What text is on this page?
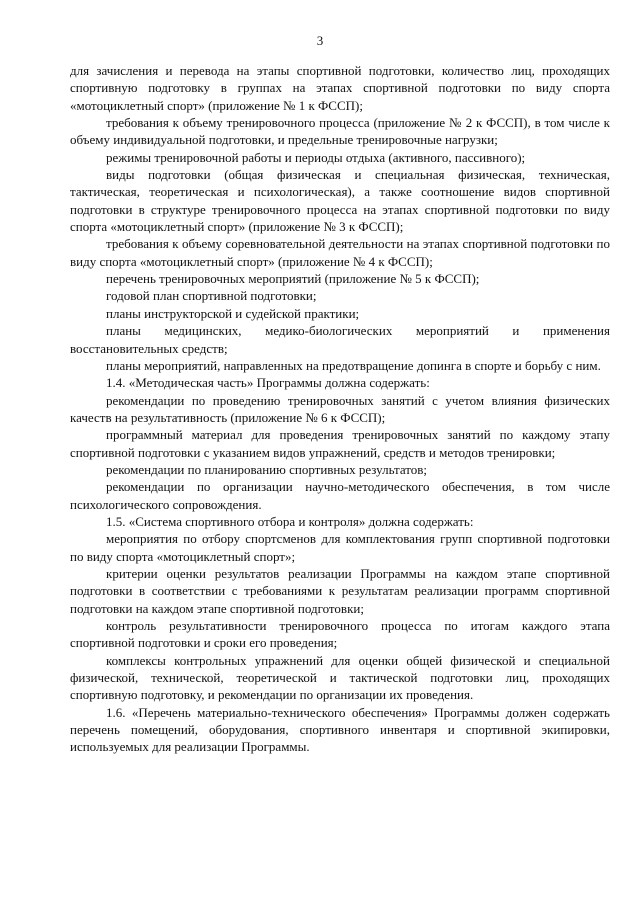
3

для зачисления и перевода на этапы спортивной подготовки, количество лиц, проходящих спортивную подготовку в группах на этапах спортивной подготовки по виду спорта «мотоциклетный спорт» (приложение № 1 к ФССП);

требования к объему тренировочного процесса (приложение № 2 к ФССП), в том числе к объему индивидуальной подготовки, и предельные тренировочные нагрузки;

режимы тренировочной работы и периоды отдыха (активного, пассивного);

виды подготовки (общая физическая и специальная физическая, техническая, тактическая, теоретическая и психологическая), а также соотношение видов спортивной подготовки в структуре тренировочного процесса на этапах спортивной подготовки по виду спорта «мотоциклетный спорт» (приложение № 3 к ФССП);

требования к объему соревновательной деятельности на этапах спортивной подготовки по виду спорта «мотоциклетный спорт» (приложение № 4 к ФССП);

перечень тренировочных мероприятий (приложение № 5 к ФССП);

годовой план спортивной подготовки;

планы инструкторской и судейской практики;

планы медицинских, медико-биологических мероприятий и применения восстановительных средств;

планы мероприятий, направленных на предотвращение допинга в спорте и борьбу с ним.

1.4. «Методическая часть» Программы должна содержать:

рекомендации по проведению тренировочных занятий с учетом влияния физических качеств на результативность (приложение № 6 к ФССП);

программный материал для проведения тренировочных занятий по каждому этапу спортивной подготовки с указанием видов упражнений, средств и методов тренировки;

рекомендации по планированию спортивных результатов;

рекомендации по организации научно-методического обеспечения, в том числе психологического сопровождения.

1.5. «Система спортивного отбора и контроля» должна содержать:

мероприятия по отбору спортсменов для комплектования групп спортивной подготовки по виду спорта «мотоциклетный спорт»;

критерии оценки результатов реализации Программы на каждом этапе спортивной подготовки в соответствии с требованиями к результатам реализации программ спортивной подготовки на каждом этапе спортивной подготовки;

контроль результативности тренировочного процесса по итогам каждого этапа спортивной подготовки и сроки его проведения;

комплексы контрольных упражнений для оценки общей физической и специальной физической, технической, теоретической и тактической подготовки лиц, проходящих спортивную подготовку, и рекомендации по организации их проведения.

1.6. «Перечень материально-технического обеспечения» Программы должен содержать перечень помещений, оборудования, спортивного инвентаря и спортивной экипировки, используемых для реализации Программы.
